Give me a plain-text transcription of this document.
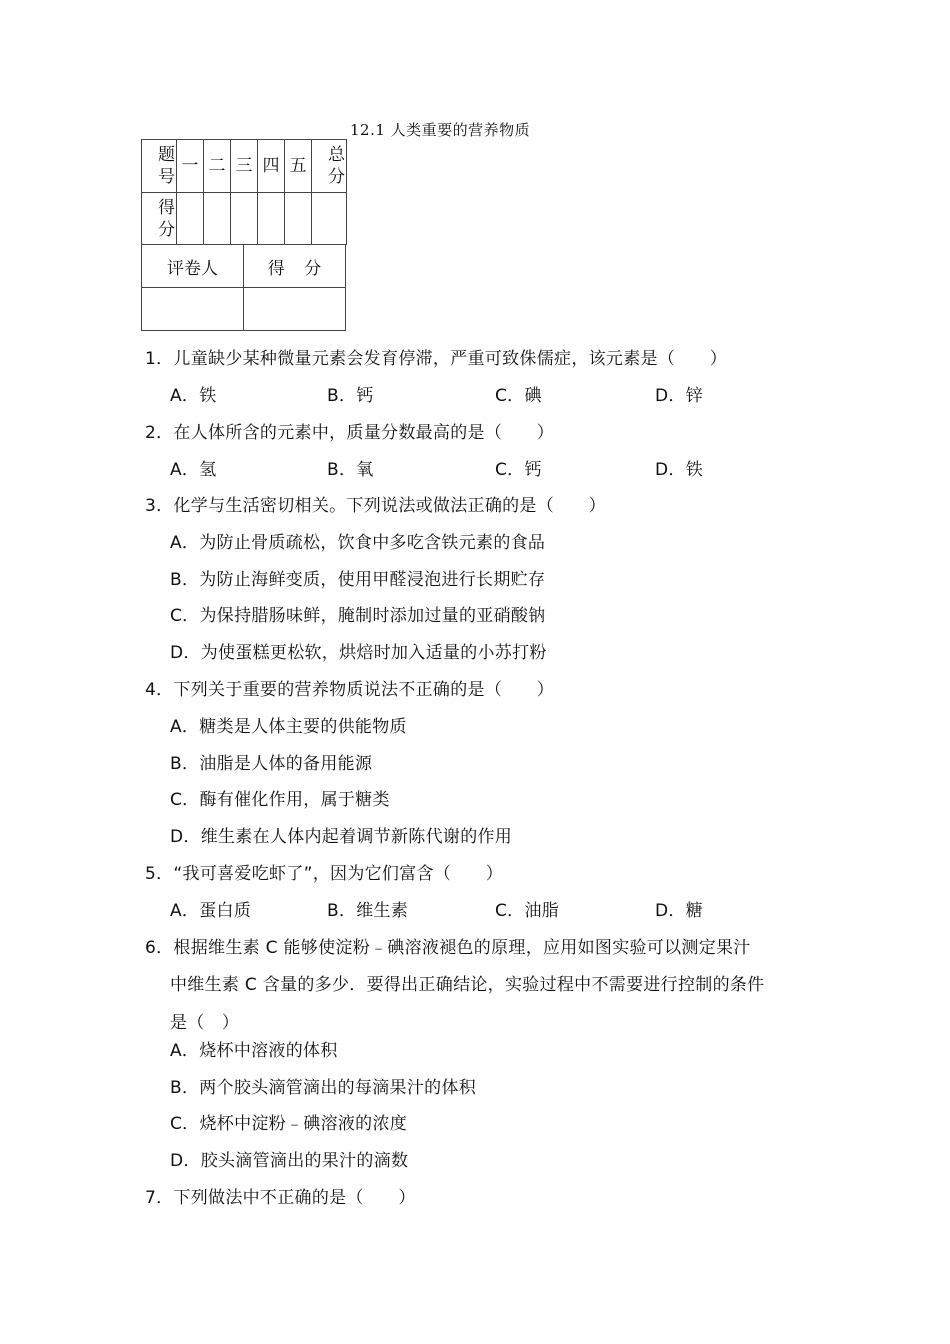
12.1 人类重要的营养物质
题号	一	二	三	四	五	总分
得分						
评卷人	得 分

1．儿童缺少某种微量元素会发育停滞，严重可致侏儒症，该元素是（　　）
A．铁	B．钙	C．碘	D．锌
2．在人体所含的元素中，质量分数最高的是（　　）
A．氢	B．氧	C．钙	D．铁
3．化学与生活密切相关。下列说法或做法正确的是（　　）
A．为防止骨质疏松，饮食中多吃含铁元素的食品
B．为防止海鲜变质，使用甲醛浸泡进行长期贮存
C．为保持腊肠味鲜，腌制时添加过量的亚硝酸钠
D．为使蛋糕更松软，烘焙时加入适量的小苏打粉
4．下列关于重要的营养物质说法不正确的是（　　）
A．糖类是人体主要的供能物质
B．油脂是人体的备用能源
C．酶有催化作用，属于糖类
D．维生素在人体内起着调节新陈代谢的作用
5．“我可喜爱吃虾了”，因为它们富含（　　）
A．蛋白质	B．维生素	C．油脂	D．糖
6．根据维生素 C 能够使淀粉﹣碘溶液褪色的原理，应用如图实验可以测定果汁
中维生素 C 含量的多少．要得出正确结论，实验过程中不需要进行控制的条件
是（　）
A．烧杯中溶液的体积
B．两个胶头滴管滴出的每滴果汁的体积
C．烧杯中淀粉﹣碘溶液的浓度
D．胶头滴管滴出的果汁的滴数
7．下列做法中不正确的是（　　）
